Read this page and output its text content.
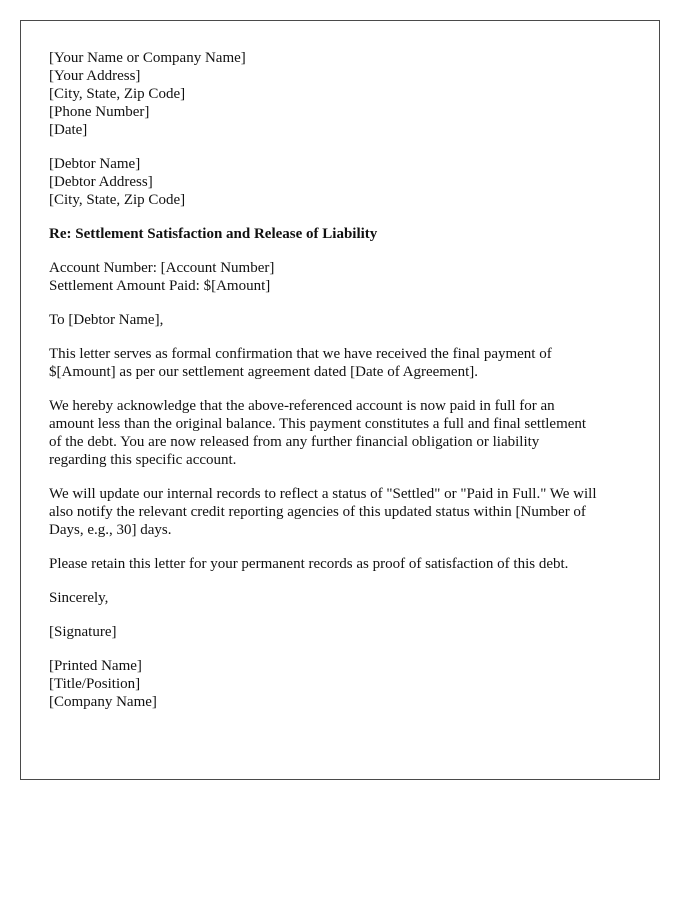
[Your Name or Company Name]
[Your Address]
[City, State, Zip Code]
[Phone Number]
[Date]
[Debtor Name]
[Debtor Address]
[City, State, Zip Code]
Re: Settlement Satisfaction and Release of Liability
Account Number: [Account Number]
Settlement Amount Paid: $[Amount]
To [Debtor Name],
This letter serves as formal confirmation that we have received the final payment of
$[Amount] as per our settlement agreement dated [Date of Agreement].
We hereby acknowledge that the above-referenced account is now paid in full for an
amount less than the original balance. This payment constitutes a full and final settlement
of the debt. You are now released from any further financial obligation or liability
regarding this specific account.
We will update our internal records to reflect a status of "Settled" or "Paid in Full." We will
also notify the relevant credit reporting agencies of this updated status within [Number of
Days, e.g., 30] days.
Please retain this letter for your permanent records as proof of satisfaction of this debt.
Sincerely,
[Signature]
[Printed Name]
[Title/Position]
[Company Name]
